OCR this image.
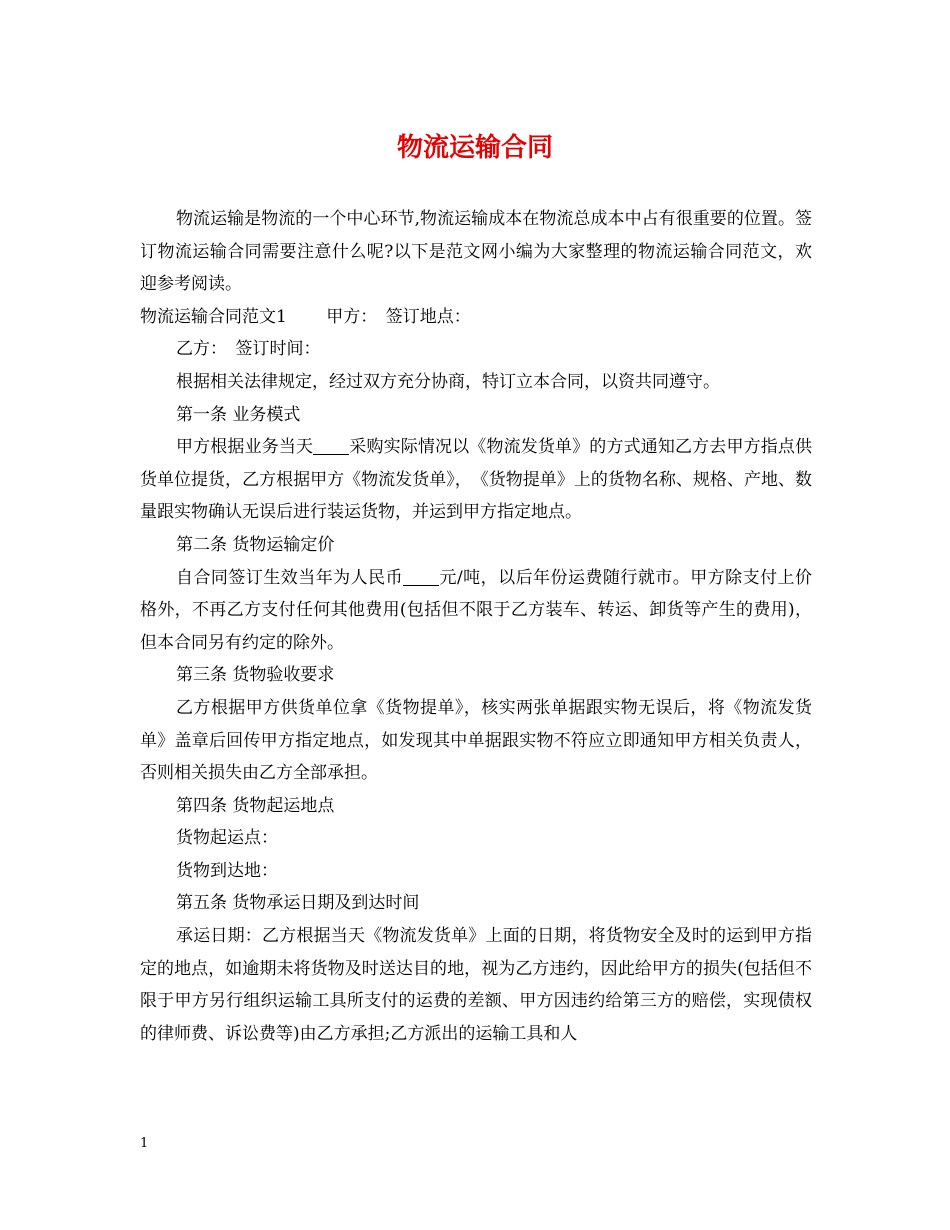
物流运输合同

物流运输是物流的一个中心环节,物流运输成本在物流总成本中占有很重要的位置。签订物流运输合同需要注意什么呢?以下是范文网小编为大家整理的物流运输合同范文，欢迎参考阅读。

物流运输合同范文1　　 甲方：　签订地点：

乙方：　签订时间：

根据相关法律规定，经过双方充分协商，特订立本合同，以资共同遵守。

第一条 业务模式

甲方根据业务当天 采购实际情况以《物流发货单》的方式通知乙方去甲方指点供货单位提货，乙方根据甲方《物流发货单》，　《货物提单》上的货物名称、规格、产地、数量跟实物确认无误后进行装运货物，并运到甲方指定地点。

第二条 货物运输定价

自合同签订生效当年为人民币 元/吨，以后年份运费随行就市。甲方除支付上价格外，不再乙方支付任何其他费用(包括但不限于乙方装车、转运、卸货等产生的费用)，但本合同另有约定的除外。

第三条 货物验收要求

乙方根据甲方供货单位拿《货物提单》，核实两张单据跟实物无误后，将《物流发货单》盖章后回传甲方指定地点，如发现其中单据跟实物不符应立即通知甲方相关负责人，否则相关损失由乙方全部承担。

第四条 货物起运地点

货物起运点：

货物到达地：

第五条 货物承运日期及到达时间

承运日期：乙方根据当天《物流发货单》上面的日期，将货物安全及时的运到甲方指定的地点，如逾期未将货物及时送达目的地，视为乙方违约，因此给甲方的损失(包括但不限于甲方另行组织运输工具所支付的运费的差额、甲方因违约给第三方的赔偿，实现债权的律师费、诉讼费等)由乙方承担;乙方派出的运输工具和人

1
